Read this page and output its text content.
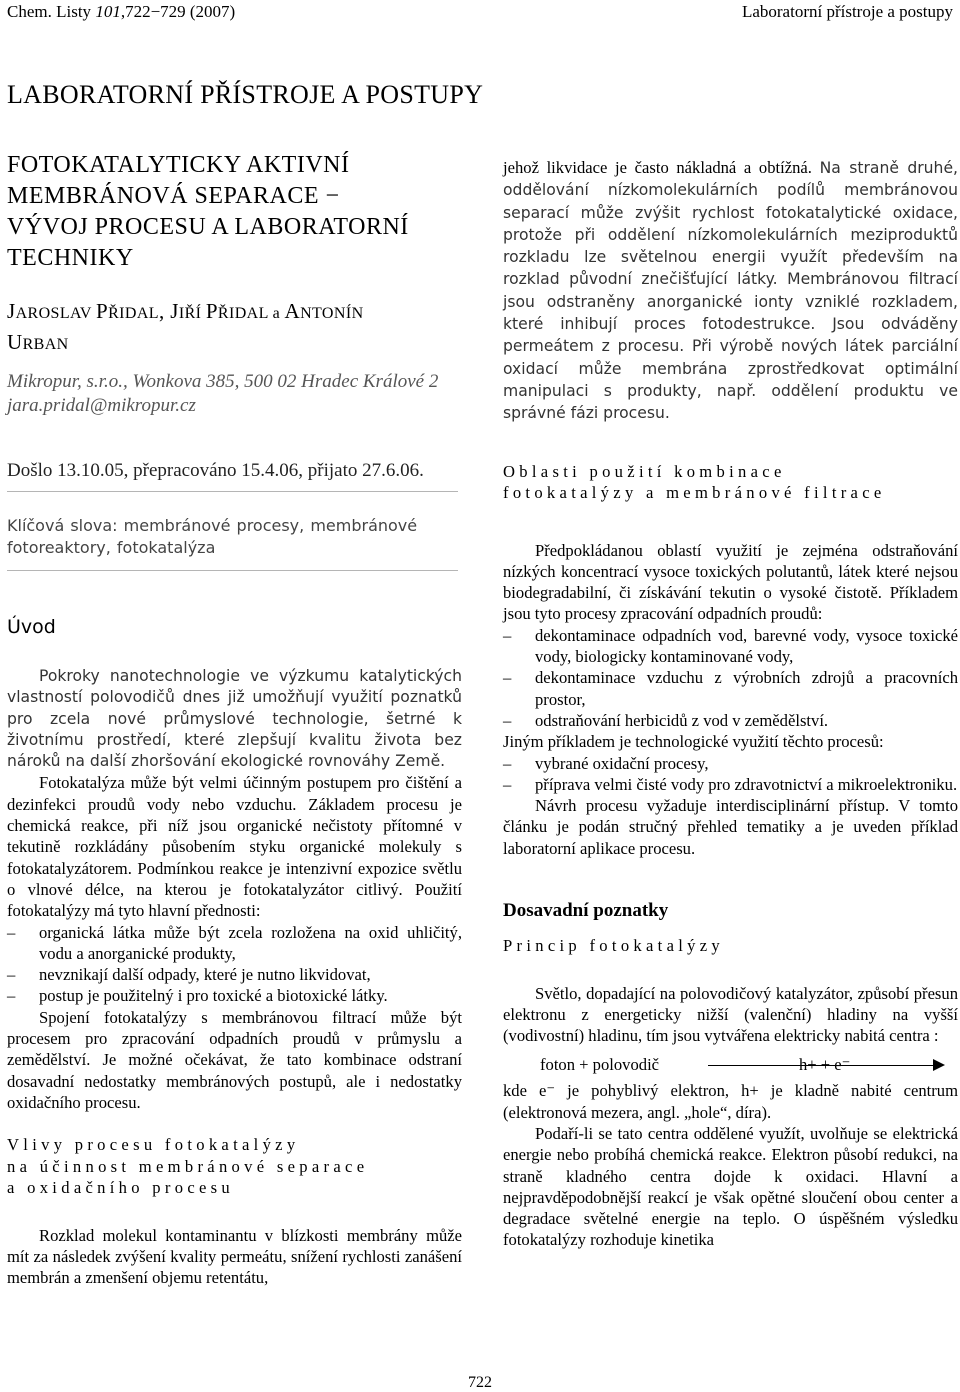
Chem. Listy 101,722−729 (2007)	Laboratorní přístroje a postupy
LABORATORNÍ PŘÍSTROJE A POSTUPY
FOTOKATALYTICKY AKTIVNÍ
MEMBRÁNOVÁ SEPARACE −
VÝVOJ PROCESU A LABORATORNÍ
TECHNIKY
JAROSLAV PŘIDAL, JIŘÍ PŘIDAL a ANTONÍN
URBAN
Mikropur, s.r.o., Wonkova 385, 500 02 Hradec Králové 2
jara.pridal@mikropur.cz
Došlo 13.10.05, přepracováno 15.4.06, přijato 27.6.06.
Klíčová slova: membránové procesy, membránové fotoreaktory, fotokatalýza
Úvod

Pokroky nanotechnologie ve výzkumu katalytických vlastností polovodičů dnes již umožňují využití poznatků pro zcela nové průmyslové technologie, šetrné k životnímu prostředí, které zlepšují kvalitu života bez nároků na další zhoršování ekologické rovnováhy Země.

Fotokatalýza může být velmi účinným postupem pro čištění a dezinfekci proudů vody nebo vzduchu. Základem procesu je chemická reakce, při níž jsou organické nečistoty přítomné v tekutině rozkládány působením styku organické molekuly s fotokatalyzátorem. Podmínkou reakce je intenzivní expozice světlu o vlnové délce, na kterou je fotokatalyzátor citlivý. Použití fotokatalýzy má tyto hlavní přednosti:

– organická látka může být zcela rozložena na oxid uhličitý, vodu a anorganické produkty,
– nevznikají další odpady, které je nutno likvidovat,
– postup je použitelný i pro toxické a biotoxické látky.

Spojení fotokatalýzy s membránovou filtrací může být procesem pro zpracování odpadních proudů v průmyslu a zemědělství. Je možné očekávat, že tato kombinace odstraní dosavadní nedostatky membránových postupů, ale i nedostatky oxidačního procesu.

Vlivy procesu fotokatalýzy
na účinnost membránové separace
a oxidačního procesu

Rozklad molekul kontaminantu v blízkosti membrány může mít za následek zvýšení kvality permeátu, snížení rychlosti zanášení membrán a zmenšení objemu retentátu,

jehož likvidace je často nákladná a obtížná. Na straně druhé, oddělování nízkomolekulárních podílů membránovou separací může zvýšit rychlost fotokatalytické oxidace, protože při oddělení nízkomolekulárních meziproduktů rozkladu lze světelnou energii využít především na rozklad původní znečišťující látky. Membránovou filtrací jsou odstraněny anorganické ionty vzniklé rozkladem, které inhibují proces fotodestrukce. Jsou odváděny permeátem z procesu. Při výrobě nových látek parciální oxidací může membrána zprostředkovat optimální manipulaci s produkty, např. oddělení produktu ve správné fázi procesu.

Oblasti použití kombinace
fotokatalýzy a membránové filtrace

Předpokládanou oblastí využití je zejména odstraňování nízkých koncentrací vysoce toxických polutantů, látek které nejsou biodegradabilní, či získávání tekutin o vysoké čistotě. Příkladem jsou tyto procesy zpracování odpadních proudů:

– dekontaminace odpadních vod, barevné vody, vysoce toxické vody, biologicky kontaminované vody,
– dekontaminace vzduchu z výrobních zdrojů a pracovních prostor,
– odstraňování herbicidů z vod v zemědělství.

Jiným příkladem je technologické využití těchto procesů:

– vybrané oxidační procesy,
– příprava velmi čisté vody pro zdravotnictví a mikroelektroniku.

Návrh procesu vyžaduje interdisciplinární přístup. V tomto článku je podán stručný přehled tematiky a je uveden příklad laboratorní aplikace procesu.

Dosavadní poznatky
Princip fotokatalýzy

Světlo, dopadající na polovodičový katalyzátor, způsobí přesun elektronu z energeticky nižší (valenční) hladiny na vyšší (vodivostní) hladinu, tím jsou vytvářena elektricky nabitá centra :

foton + polovodič	h+ + e⁻

kde e⁻ je pohyblivý elektron, h+ je kladně nabité centrum (elektronová mezera, angl. „hole“, díra).

Podaří-li se tato centra oddělené využít, uvolňuje se elektrická energie nebo probíhá chemická reakce. Elektron působí redukci, na straně kladného centra dojde k oxidaci. Hlavní a nejpravděpodobnější reakcí je však opětné sloučení obou center a degradace světelné energie na teplo. O úspěšném výsledku fotokatalýzy rozhoduje kinetika

722
